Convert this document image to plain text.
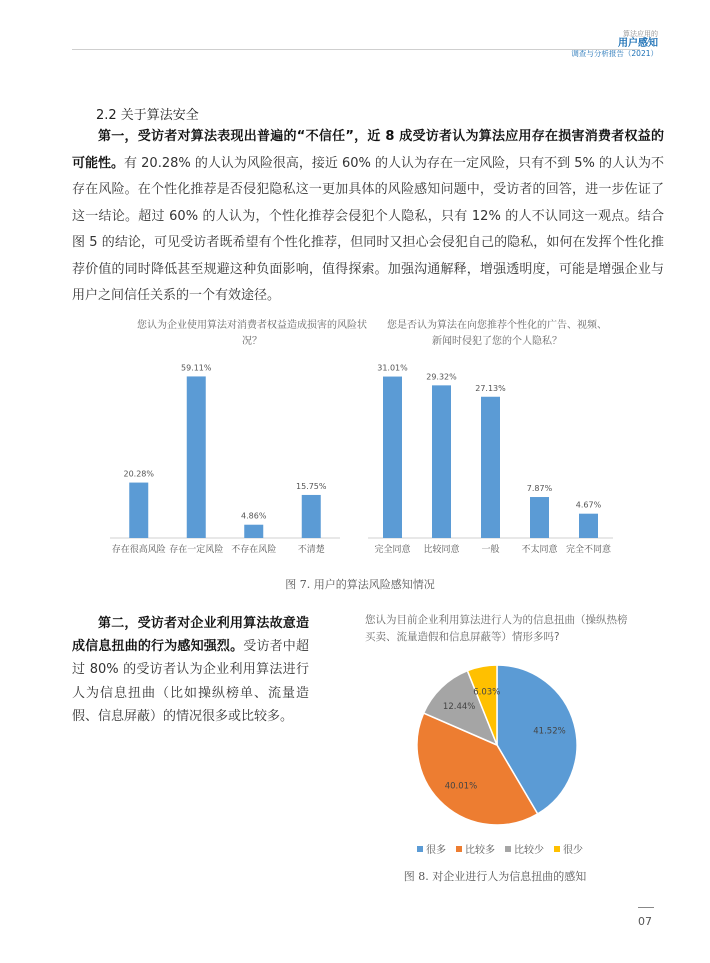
算法应用的
用户感知
调查与分析报告（2021）
2.2 关于算法安全
第一，受访者对算法表现出普遍的“不信任”，近 8 成受访者认为算法应用存在损害消费者权益的可能性。有 20.28% 的人认为风险很高，接近 60% 的人认为存在一定风险，只有不到 5% 的人认为不存在风险。在个性化推荐是否侵犯隐私这一更加具体的风险感知问题中，受访者的回答，进一步佐证了这一结论。超过 60% 的人认为，个性化推荐会侵犯个人隐私，只有 12% 的人不认同这一观点。结合图 5 的结论，可见受访者既希望有个性化推荐，但同时又担心会侵犯自己的隐私，如何在发挥个性化推荐价值的同时降低甚至规避这种负面影响，值得探索。加强沟通解释，增强透明度，可能是增强企业与用户之间信任关系的一个有效途径。
您认为企业使用算法对消费者权益造成损害的风险状况？
20.28%
存在很高风险
59.11%
存在一定风险
4.86%
不存在风险
15.75%
不清楚
您是否认为算法在向您推荐个性化的广告、视频、新闻时侵犯了您的个人隐私？
31.01%
完全同意
29.32%
比较同意
27.13%
一般
7.87%
不太同意
4.67%
完全不同意
图 7. 用户的算法风险感知情况
第二，受访者对企业利用算法故意造成信息扭曲的行为感知强烈。受访者中超过 80% 的受访者认为企业利用算法进行人为信息扭曲（比如操纵榜单、流量造假、信息屏蔽）的情况很多或比较多。
您认为目前企业利用算法进行人为的信息扭曲（操纵热榜买卖、流量造假和信息屏蔽等）情形多吗?
41.52%
40.01%
12.44%
6.03%
很多 比较多 比较少 很少
图 8. 对企业进行人为信息扭曲的感知
07
